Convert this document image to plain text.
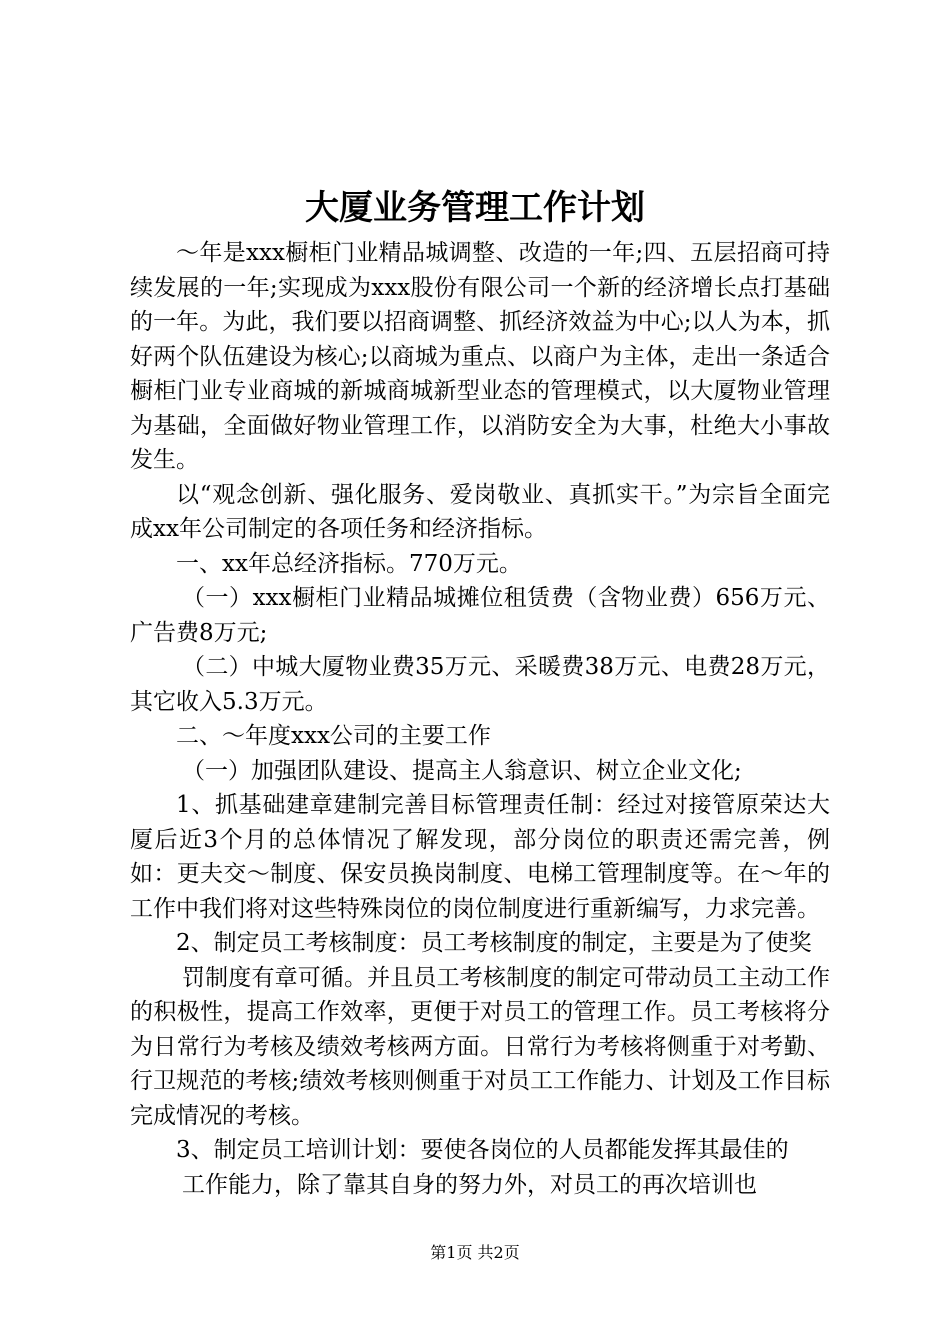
大厦业务管理工作计划

～年是xxx橱柜门业精品城调整、改造的一年;四、五层招商可持续发展的一年;实现成为xxx股份有限公司一个新的经济增长点打基础的一年。为此，我们要以招商调整、抓经济效益为中心;以人为本，抓好两个队伍建设为核心;以商城为重点、以商户为主体，走出一条适合橱柜门业专业商城的新城商城新型业态的管理模式，以大厦物业管理为基础，全面做好物业管理工作，以消防安全为大事，杜绝大小事故发生。

以“观念创新、强化服务、爱岗敬业、真抓实干。”为宗旨全面完成xx年公司制定的各项任务和经济指标。

一、xx年总经济指标。770万元。

（一）xxx橱柜门业精品城摊位租赁费（含物业费）656万元、广告费8万元;

（二）中城大厦物业费35万元、采暖费38万元、电费28万元，其它收入5.3万元。

二、～年度xxx公司的主要工作

（一）加强团队建设、提高主人翁意识、树立企业文化;

1、抓基础建章建制完善目标管理责任制：经过对接管原荣达大厦后近3个月的总体情况了解发现，部分岗位的职责还需完善，例如：更夫交～制度、保安员换岗制度、电梯工管理制度等。在～年的工作中我们将对这些特殊岗位的岗位制度进行重新编写，力求完善。

2、制定员工考核制度：员工考核制度的制定，主要是为了使奖

罚制度有章可循。并且员工考核制度的制定可带动员工主动工作的积极性，提高工作效率，更便于对员工的管理工作。员工考核将分为日常行为考核及绩效考核两方面。日常行为考核将侧重于对考勤、行卫规范的考核;绩效考核则侧重于对员工工作能力、计划及工作目标完成情况的考核。

3、制定员工培训计划：要使各岗位的人员都能发挥其最佳的

工作能力，除了靠其自身的努力外，对员工的再次培训也

第1页 共2页
